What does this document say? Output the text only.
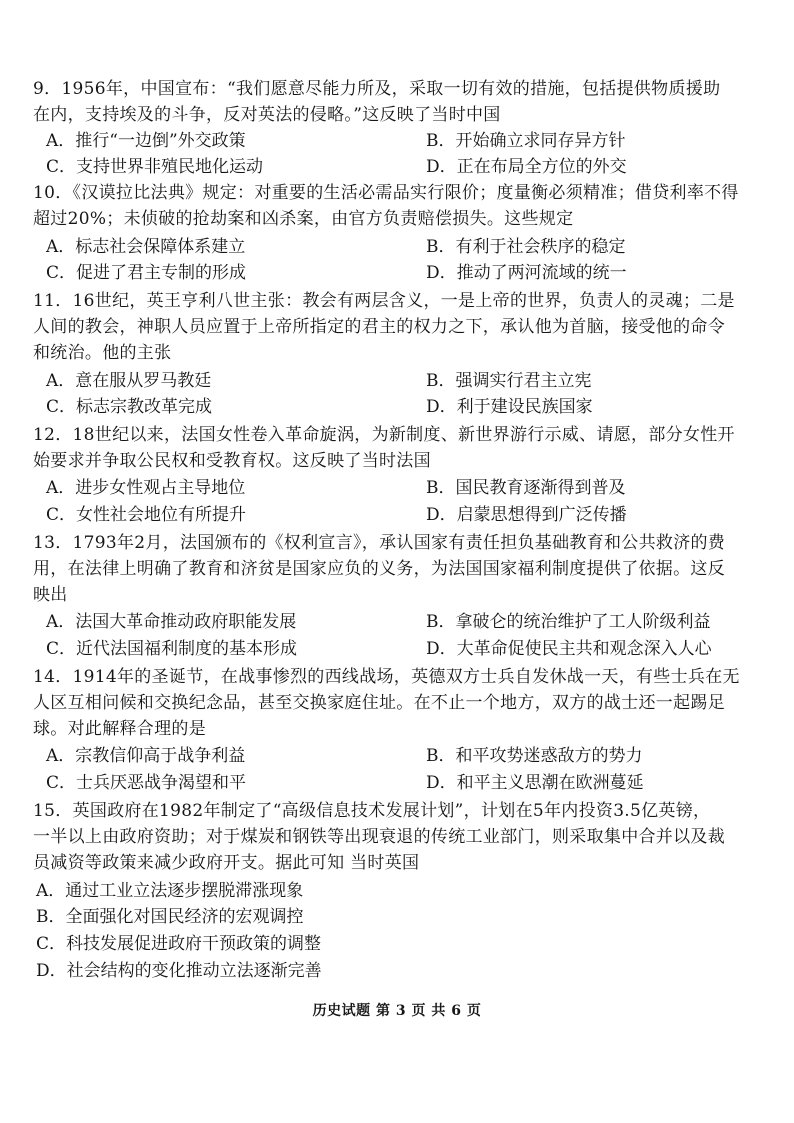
9．1956年，中国宣布：“我们愿意尽能力所及，采取一切有效的措施，包括提供物质援助
在内，支持埃及的斗争，反对英法的侵略。”这反映了当时中国
A．推行“一边倒”外交政策	B．开始确立求同存异方针
C．支持世界非殖民地化运动	D．正在布局全方位的外交
10．《汉谟拉比法典》规定：对重要的生活必需品实行限价；度量衡必须精准；借贷利率不得
超过20%；未侦破的抢劫案和凶杀案，由官方负责赔偿损失。这些规定
A．标志社会保障体系建立	B．有利于社会秩序的稳定
C．促进了君主专制的形成	D．推动了两河流域的统一
11．16世纪，英王亨利八世主张：教会有两层含义，一是上帝的世界，负责人的灵魂；二是
人间的教会，神职人员应置于上帝所指定的君主的权力之下，承认他为首脑，接受他的命令
和统治。他的主张
A．意在服从罗马教廷	B．强调实行君主立宪
C．标志宗教改革完成	D．利于建设民族国家
12．18世纪以来，法国女性卷入革命旋涡，为新制度、新世界游行示威、请愿，部分女性开
始要求并争取公民权和受教育权。这反映了当时法国
A．进步女性观占主导地位	B．国民教育逐渐得到普及
C．女性社会地位有所提升	D．启蒙思想得到广泛传播
13．1793年2月，法国颁布的《权利宣言》，承认国家有责任担负基础教育和公共救济的费
用，在法律上明确了教育和济贫是国家应负的义务，为法国国家福利制度提供了依据。这反
映出
A．法国大革命推动政府职能发展	B．拿破仑的统治维护了工人阶级利益
C．近代法国福利制度的基本形成	D．大革命促使民主共和观念深入人心
14．1914年的圣诞节，在战事惨烈的西线战场，英德双方士兵自发休战一天，有些士兵在无
人区互相问候和交换纪念品，甚至交换家庭住址。在不止一个地方，双方的战士还一起踢足
球。对此解释合理的是
A．宗教信仰高于战争利益	B．和平攻势迷惑敌方的势力
C．士兵厌恶战争渴望和平	D．和平主义思潮在欧洲蔓延
15．英国政府在1982年制定了“高级信息技术发展计划”，计划在5年内投资3.5亿英镑，
一半以上由政府资助；对于煤炭和钢铁等出现衰退的传统工业部门，则采取集中合并以及裁
员减资等政策来减少政府开支。据此可知 当时英国
A．通过工业立法逐步摆脱滞涨现象
B．全面强化对国民经济的宏观调控
C．科技发展促进政府干预政策的调整
D．社会结构的变化推动立法逐渐完善
历史试题 第 3 页 共 6 页
